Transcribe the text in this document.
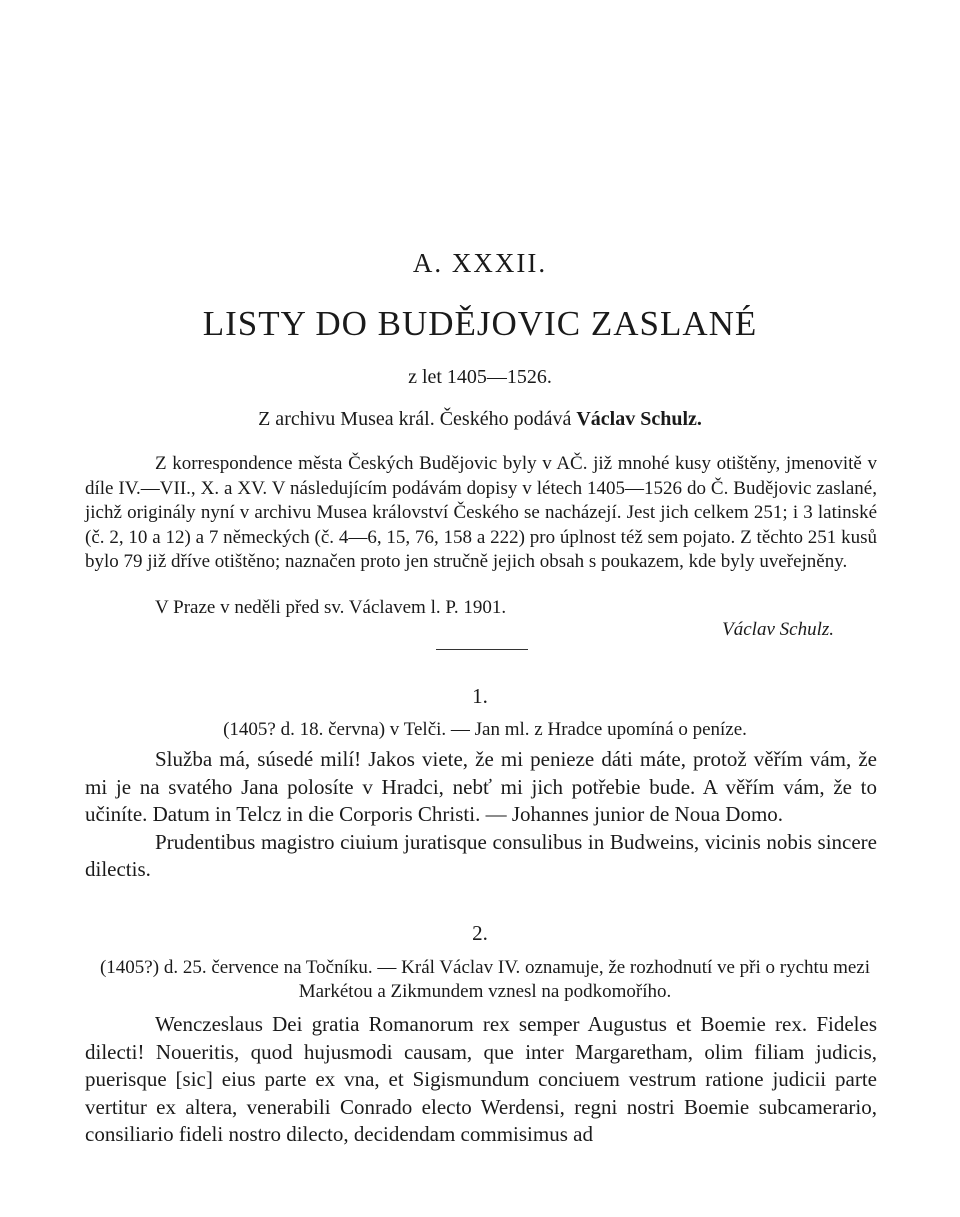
A. XXXII.
LISTY DO BUDĚJOVIC ZASLANÉ
z let 1405—1526.
Z archivu Musea král. Českého podává Václav Schulz.

Z korrespondence města Českých Budějovic byly v AČ. již mnohé kusy otištěny, jmenovitě v díle IV.—VII., X. a XV. V následujícím podávám dopisy v létech 1405—1526 do Č. Budějovic zaslané, jichž originály nyní v archivu Musea království Českého se nacházejí. Jest jich celkem 251; i 3 latinské (č. 2, 10 a 12) a 7 německých (č. 4—6, 15, 76, 158 a 222) pro úplnost též sem pojato. Z těchto 251 kusů bylo 79 již dříve otištěno; naznačen proto jen stručně jejich obsah s poukazem, kde byly uveřejněny.

V Praze v neděli před sv. Václavem l. P. 1901.
Václav Schulz.
1.
(1405? d. 18. června) v Telči. — Jan ml. z Hradce upomíná o peníze.

Služba má, súsedé milí! Jakos viete, že mi penieze dáti máte, protož věřím vám, že mi je na svatého Jana polosíte v Hradci, nebť mi jich potřebie bude. A věřím vám, že to učiníte. Datum in Telcz in die Corporis Christi. — Johannes junior de Noua Domo.

Prudentibus magistro ciuium juratisque consulibus in Budweins, vicinis nobis sincere dilectis.

2.
(1405?) d. 25. července na Točníku. — Král Václav IV. oznamuje, že rozhodnutí ve při o rychtu mezi Markétou a Zikmundem vznesl na podkomořího.

Wenczeslaus Dei gratia Romanorum rex semper Augustus et Boemie rex. Fideles dilecti! Noueritis, quod hujusmodi causam, que inter Margaretham, olim filiam judicis, puerisque [sic] eius parte ex vna, et Sigismundum conciuem vestrum ratione judicii parte vertitur ex altera, venerabili Conrado electo Werdensi, regni nostri Boemie subcamerario, consiliario fideli nostro dilecto, decidendam commisimus ad
